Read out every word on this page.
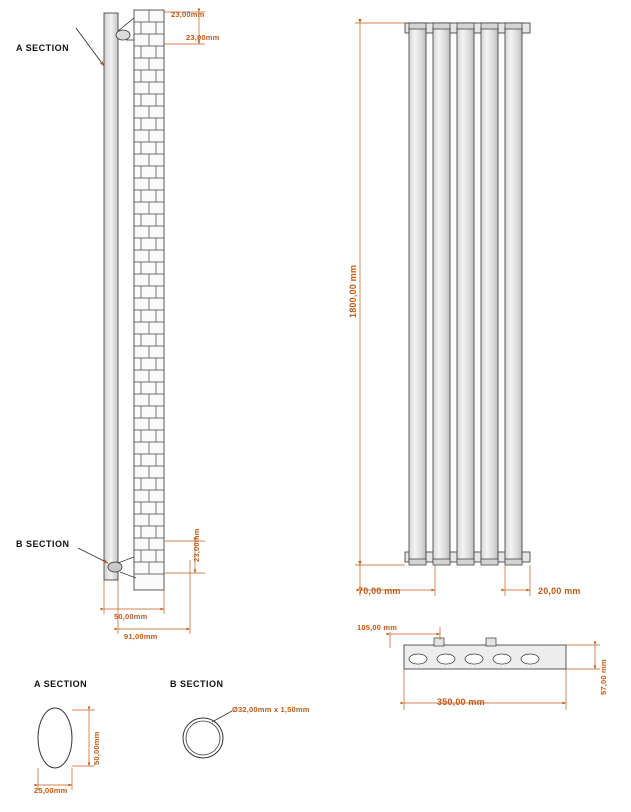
A SECTION
B SECTION
23,00mm
23,00mm
23,00mm
50,00mm
91,00mm
1800,00 mm
70,00 mm	20,00 mm
105,00 mm
350,00 mm
57,00 mm
A SECTION	B SECTION
50,00mm
25,00mm
Ø32,00mm x 1,50mm
